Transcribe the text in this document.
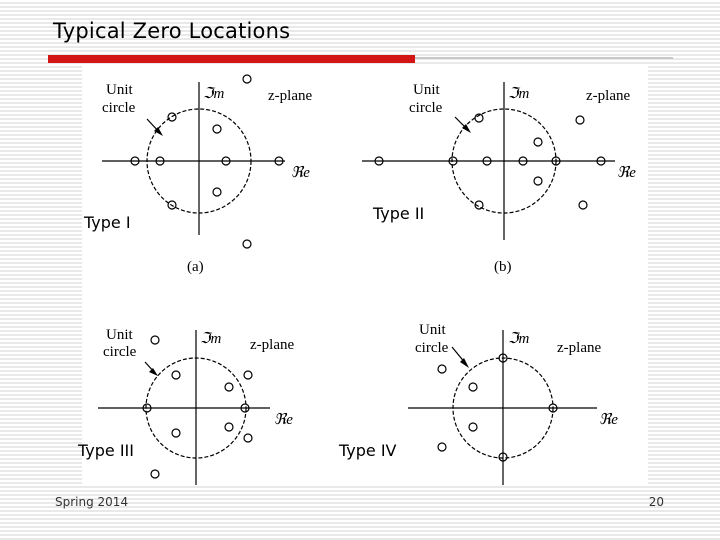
Typical Zero Locations
Unit
circle
ℑm	z-plane
ℜe
(a)
Unit
circle
ℑm	z-plane
ℜe
(b)
Unit
circle
ℑm z-plane
ℜe
Unit
circle
ℑm
z-plane
ℜe
Type I	Type II
Type III	Type IV
Spring 2014	20
